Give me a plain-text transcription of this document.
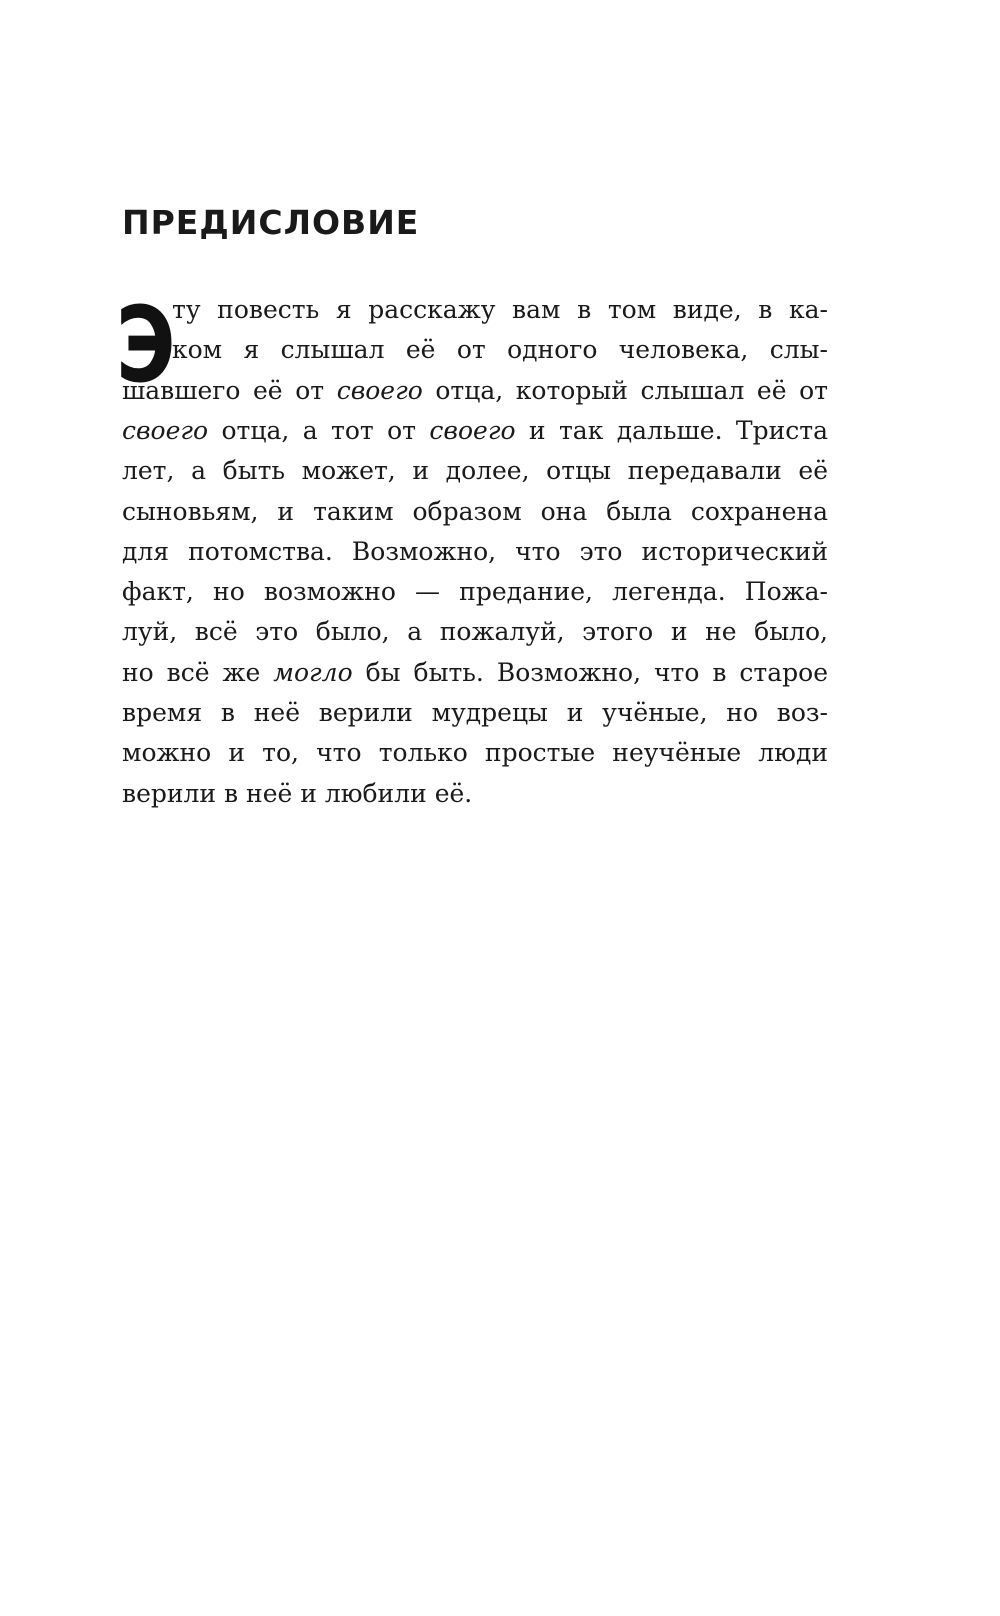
ПРЕДИСЛОВИЕ
Э

ту повесть я расскажу вам в том виде, в ка-

ком я слышал её от одного человека, слы-

шавшего её от своего отца, который слышал её от

своего отца, а тот от своего и так дальше. Триста

лет, а быть может, и долее, отцы передавали её

сыновьям, и таким образом она была сохранена

для потомства. Возможно, что это исторический

факт, но возможно — предание, легенда. Пожа-

луй, всё это было, а пожалуй, этого и не было,

но всё же могло бы быть. Возможно, что в старое

время в неё верили мудрецы и учёные, но воз-

можно и то, что только простые неучёные люди

верили в неё и любили её.
